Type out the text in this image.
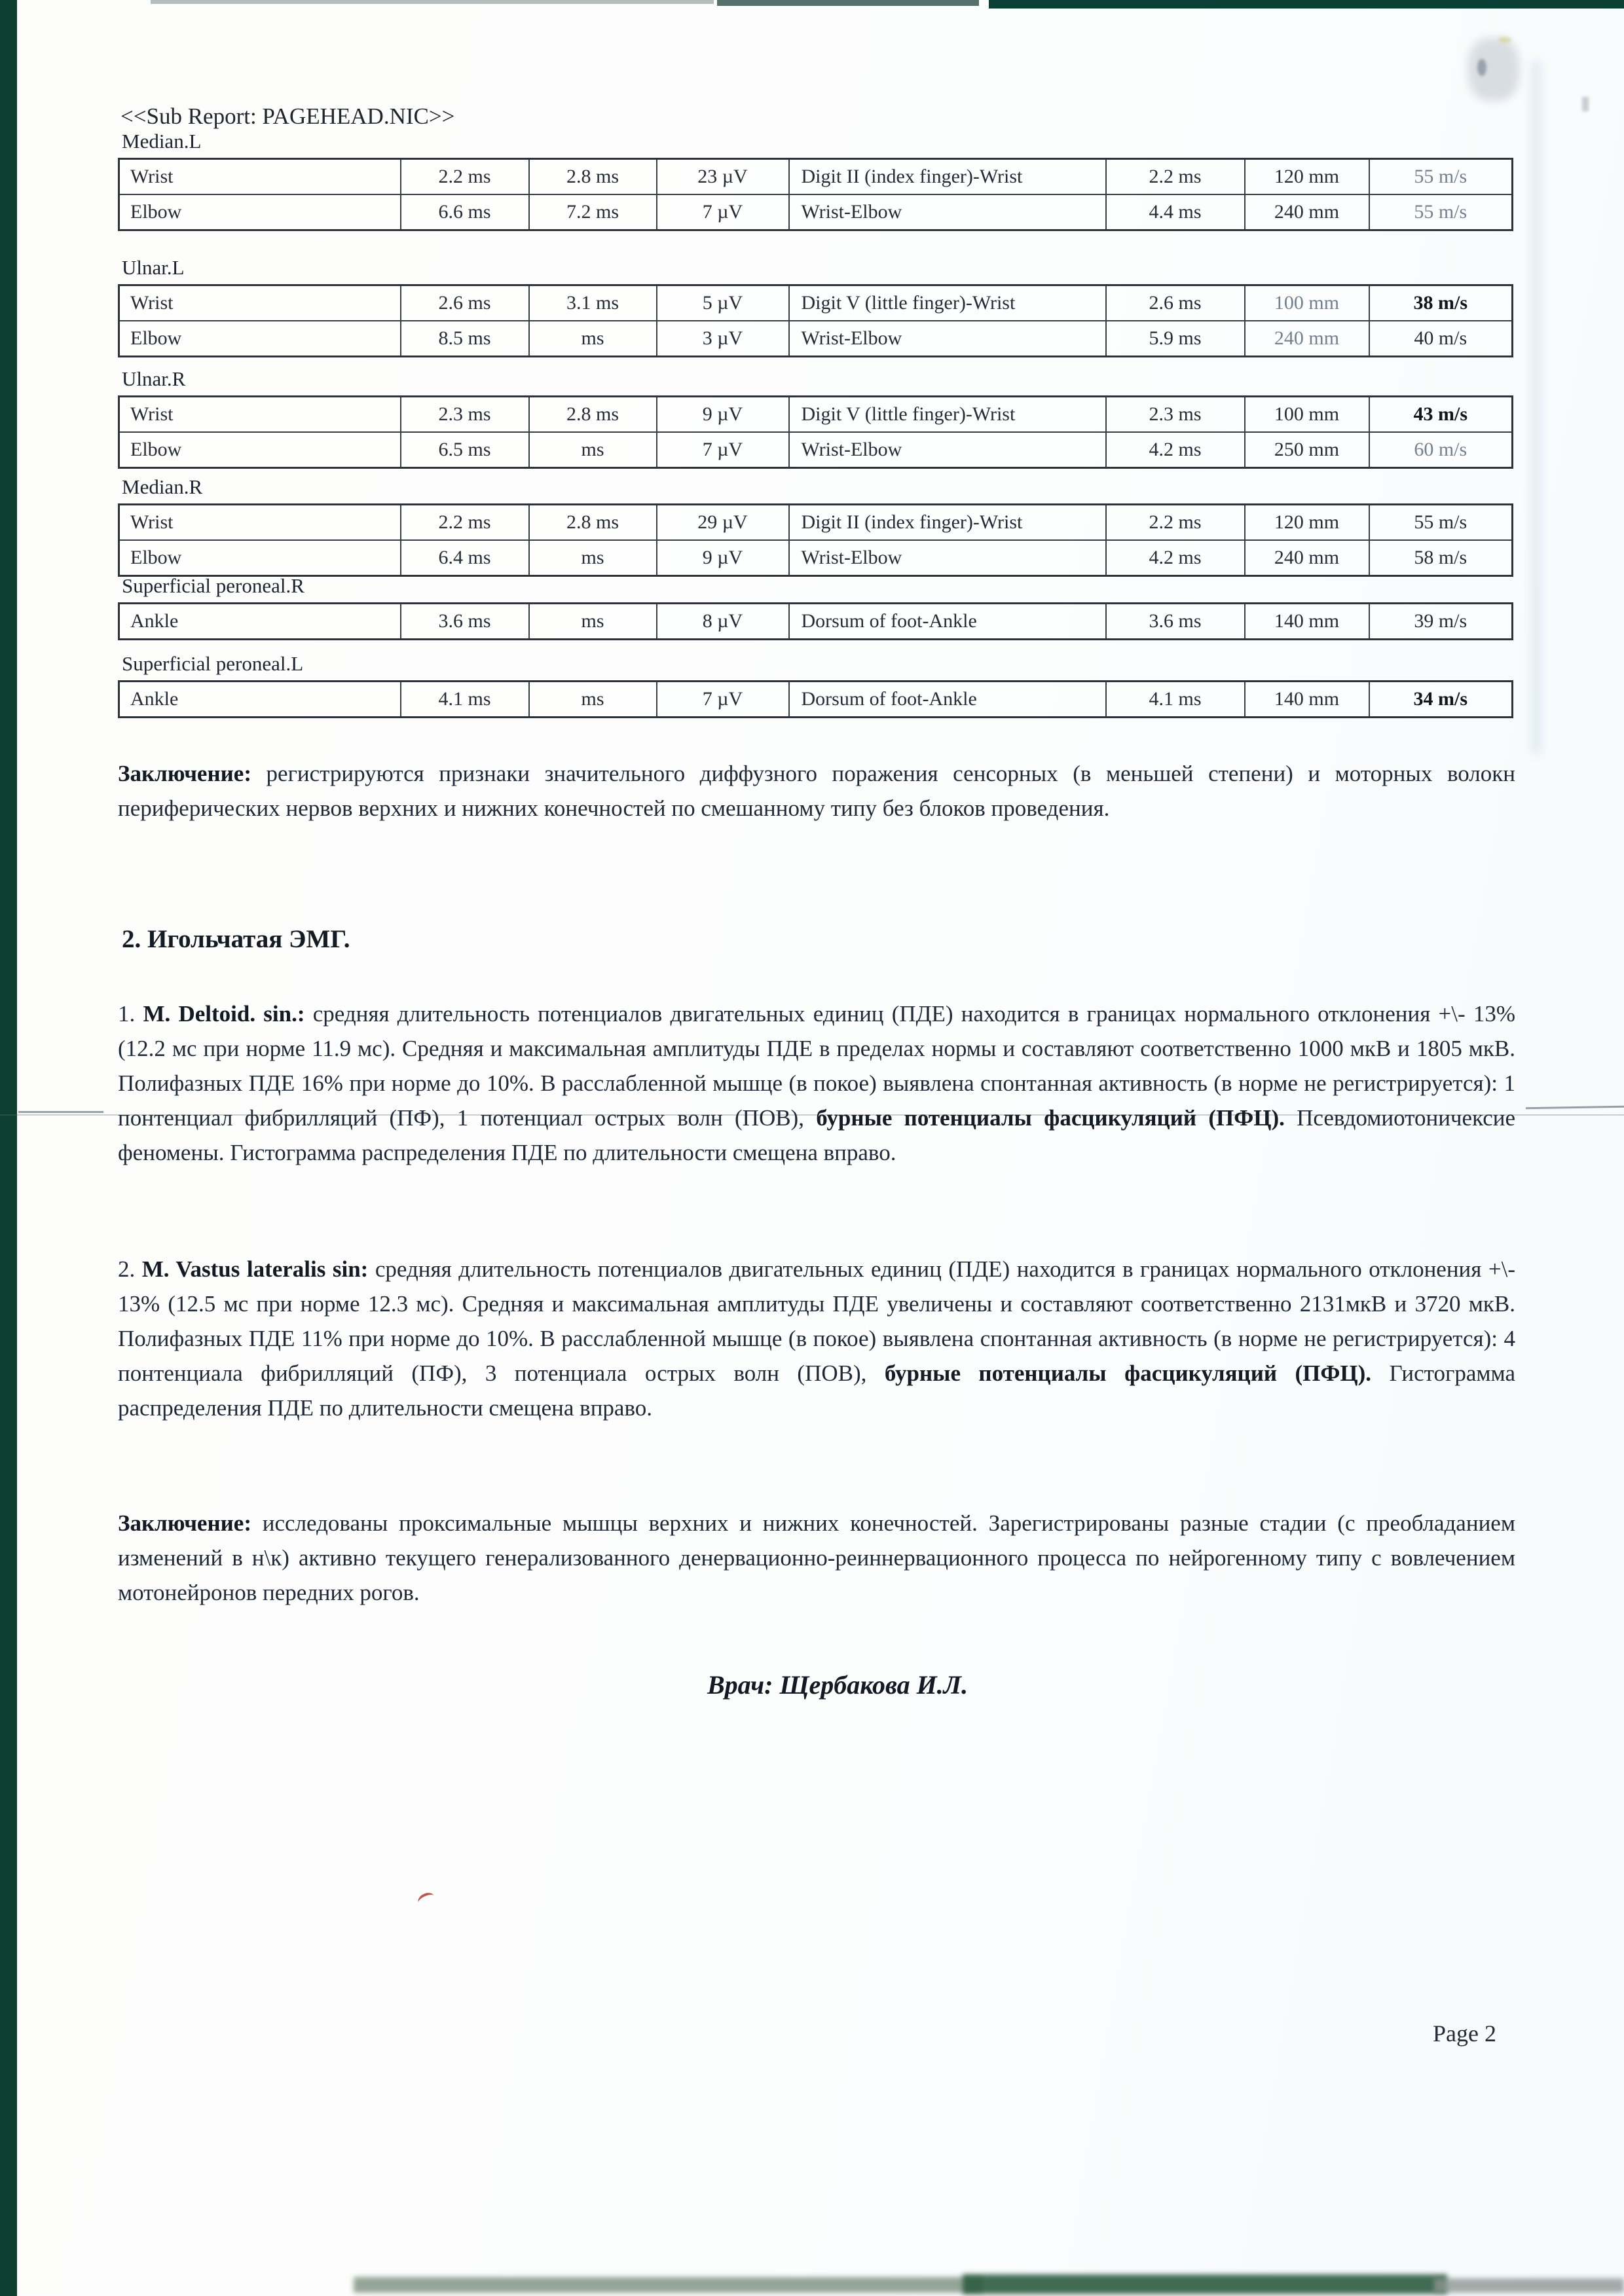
<<Sub Report: PAGEHEAD.NIC>>
Median.L
Wrist	2.2 ms	2.8 ms	23 µV	Digit II (index finger)-Wrist	2.2 ms	120 mm	55 m/s
Elbow	6.6 ms	7.2 ms	7 µV	Wrist-Elbow	4.4 ms	240 mm	55 m/s
Ulnar.L
Wrist	2.6 ms	3.1 ms	5 µV	Digit V (little finger)-Wrist	2.6 ms	100 mm	38 m/s
Elbow	8.5 ms	ms	3 µV	Wrist-Elbow	5.9 ms	240 mm	40 m/s
Ulnar.R
Wrist	2.3 ms	2.8 ms	9 µV	Digit V (little finger)-Wrist	2.3 ms	100 mm	43 m/s
Elbow	6.5 ms	ms	7 µV	Wrist-Elbow	4.2 ms	250 mm	60 m/s
Median.R
Wrist	2.2 ms	2.8 ms	29 µV	Digit II (index finger)-Wrist	2.2 ms	120 mm	55 m/s
Elbow	6.4 ms	ms	9 µV	Wrist-Elbow	4.2 ms	240 mm	58 m/s
Superficial peroneal.R
Ankle	3.6 ms	ms	8 µV	Dorsum of foot-Ankle	3.6 ms	140 mm	39 m/s
Superficial peroneal.L
Ankle	4.1 ms	ms	7 µV	Dorsum of foot-Ankle	4.1 ms	140 mm	34 m/s
Заключение: регистрируются признаки значительного диффузного поражения сенсорных (в меньшей степени) и моторных волокн периферических нервов верхних и нижних конечностей по смешанному типу без блоков проведения.
2. Игольчатая ЭМГ.
1. M. Deltoid. sin.: средняя длительность потенциалов двигательных единиц (ПДЕ) находится в границах нормального отклонения +\- 13% (12.2 мс при норме 11.9 мс). Средняя и максимальная амплитуды ПДЕ в пределах нормы и составляют соответственно 1000 мкВ и 1805 мкВ. Полифазных ПДЕ 16% при норме до 10%. В расслабленной мышце (в покое) выявлена спонтанная активность (в норме не регистрируется): 1 понтенциал фибрилляций (ПФ), 1 потенциал острых волн (ПОВ), бурные потенциалы фасцикуляций (ПФЦ). Псевдомиотоничексие феномены. Гистограмма распределения ПДЕ по длительности смещена вправо.
2. M. Vastus lateralis sin: средняя длительность потенциалов двигательных единиц (ПДЕ) находится в границах нормального отклонения +\- 13% (12.5 мс при норме 12.3 мс). Средняя и максимальная амплитуды ПДЕ увеличены и составляют соответственно 2131мкВ и 3720 мкВ. Полифазных ПДЕ 11% при норме до 10%. В расслабленной мышце (в покое) выявлена спонтанная активность (в норме не регистрируется): 4 понтенциала фибрилляций (ПФ), 3 потенциала острых волн (ПОВ), бурные потенциалы фасцикуляций (ПФЦ). Гистограмма распределения ПДЕ по длительности смещена вправо.
Заключение: исследованы проксимальные мышцы верхних и нижних конечностей. Зарегистрированы разные стадии (с преобладанием изменений в н\к) активно текущего генерализованного денервационно-реиннервационного процесса по нейрогенному типу с вовлечением мотонейронов передних рогов.
Врач: Щербакова И.Л.
Page 2
